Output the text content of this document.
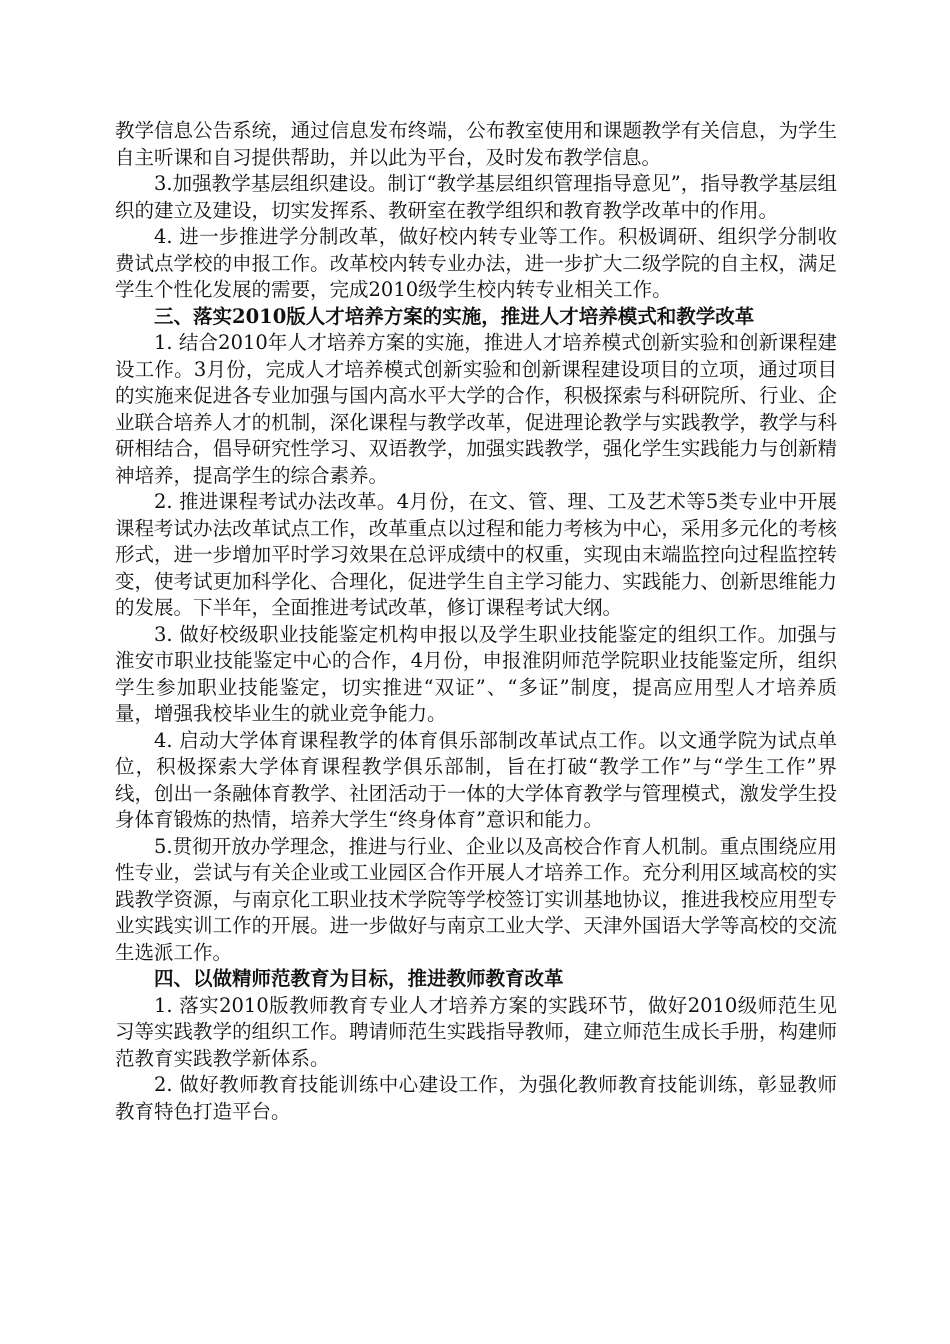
教学信息公告系统，通过信息发布终端，公布教室使用和课题教学有关信息，为学生自主听课和自习提供帮助，并以此为平台，及时发布教学信息。

3.加强教学基层组织建设。制订“教学基层组织管理指导意见”，指导教学基层组织的建立及建设，切实发挥系、教研室在教学组织和教育教学改革中的作用。

4. 进一步推进学分制改革，做好校内转专业等工作。积极调研、组织学分制收费试点学校的申报工作。改革校内转专业办法，进一步扩大二级学院的自主权，满足学生个性化发展的需要，完成2010级学生校内转专业相关工作。

三、落实2010版人才培养方案的实施，推进人才培养模式和教学改革

1. 结合2010年人才培养方案的实施，推进人才培养模式创新实验和创新课程建设工作。3月份，完成人才培养模式创新实验和创新课程建设项目的立项，通过项目的实施来促进各专业加强与国内高水平大学的合作，积极探索与科研院所、行业、企业联合培养人才的机制，深化课程与教学改革，促进理论教学与实践教学，教学与科研相结合，倡导研究性学习、双语教学，加强实践教学，强化学生实践能力与创新精神培养，提高学生的综合素养。

2. 推进课程考试办法改革。4月份，在文、管、理、工及艺术等5类专业中开展课程考试办法改革试点工作，改革重点以过程和能力考核为中心，采用多元化的考核形式，进一步增加平时学习效果在总评成绩中的权重，实现由末端监控向过程监控转变，使考试更加科学化、合理化，促进学生自主学习能力、实践能力、创新思维能力的发展。下半年，全面推进考试改革，修订课程考试大纲。

3. 做好校级职业技能鉴定机构申报以及学生职业技能鉴定的组织工作。加强与淮安市职业技能鉴定中心的合作，4月份，申报淮阴师范学院职业技能鉴定所，组织学生参加职业技能鉴定，切实推进“双证”、“多证”制度，提高应用型人才培养质量，增强我校毕业生的就业竞争能力。

4. 启动大学体育课程教学的体育俱乐部制改革试点工作。以文通学院为试点单位，积极探索大学体育课程教学俱乐部制，旨在打破“教学工作”与“学生工作”界线，创出一条融体育教学、社团活动于一体的大学体育教学与管理模式，激发学生投身体育锻炼的热情，培养大学生“终身体育”意识和能力。

5.贯彻开放办学理念，推进与行业、企业以及高校合作育人机制。重点围绕应用性专业，尝试与有关企业或工业园区合作开展人才培养工作。充分利用区域高校的实践教学资源，与南京化工职业技术学院等学校签订实训基地协议，推进我校应用型专业实践实训工作的开展。进一步做好与南京工业大学、天津外国语大学等高校的交流生选派工作。

四、以做精师范教育为目标，推进教师教育改革

1. 落实2010版教师教育专业人才培养方案的实践环节，做好2010级师范生见习等实践教学的组织工作。聘请师范生实践指导教师，建立师范生成长手册，构建师范教育实践教学新体系。

2. 做好教师教育技能训练中心建设工作，为强化教师教育技能训练，彰显教师教育特色打造平台。
